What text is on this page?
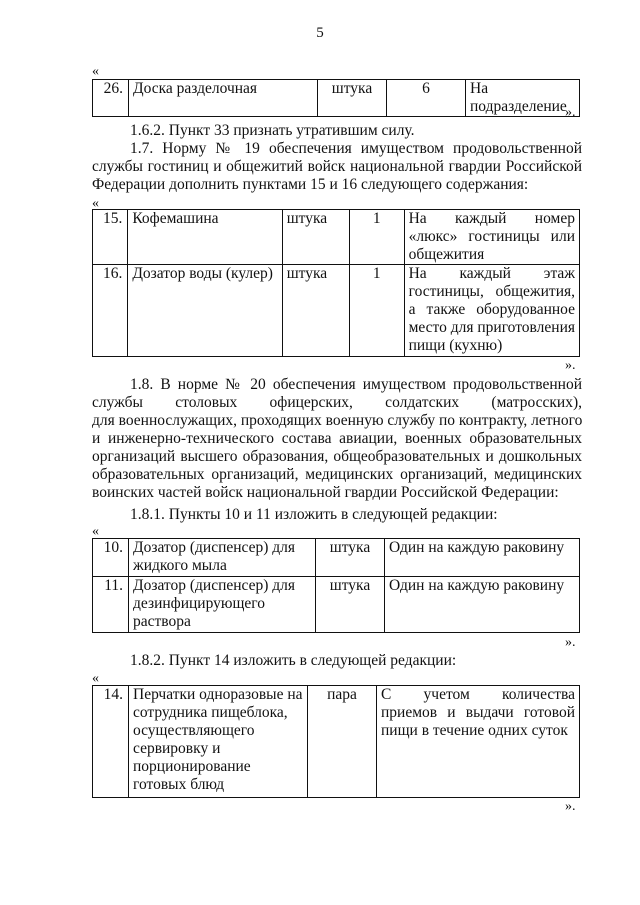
5
«
26.	Доска разделочная	штука	6	На подразделение
».
1.6.2. Пункт 33 признать утратившим силу.
1.7. Норму № 19 обеспечения имуществом продовольственной
службы гостиниц и общежитий войск национальной гвардии Российской
Федерации дополнить пунктами 15 и 16 следующего содержания:
«
15.	Кофемашина	штука	1	На каждый номер
«люкс» гостиницы или
общежития

16.	Дозатор воды (кулер)	штука	1	На каждый этаж
гостиницы, общежития,
а также оборудованное
место для приготовления
пищи (кухню)
».
1.8. В норме № 20 обеспечения имуществом продовольственной
службы столовых офицерских, солдатских (матросских),
для военнослужащих, проходящих военную службу по контракту, летного
и инженерно-технического состава авиации, военных образовательных
организаций высшего образования, общеобразовательных и дошкольных
образовательных организаций, медицинских организаций, медицинских
воинских частей войск национальной гвардии Российской Федерации:
1.8.1. Пункты 10 и 11 изложить в следующей редакции:
«
10.	Дозатор (диспенсер) для
жидкого мыла	штука	Один на каждую раковину
11.	Дозатор (диспенсер) для
дезинфицирующего
раствора	штука	Один на каждую раковину
».
1.8.2. Пункт 14 изложить в следующей редакции:
«
14.	Перчатки одноразовые на
сотрудника пищеблока,
осуществляющего
сервировку и
порционирование
готовых блюд
	пара	С учетом количества
приемов и выдачи готовой
пищи в течение одних суток
».
